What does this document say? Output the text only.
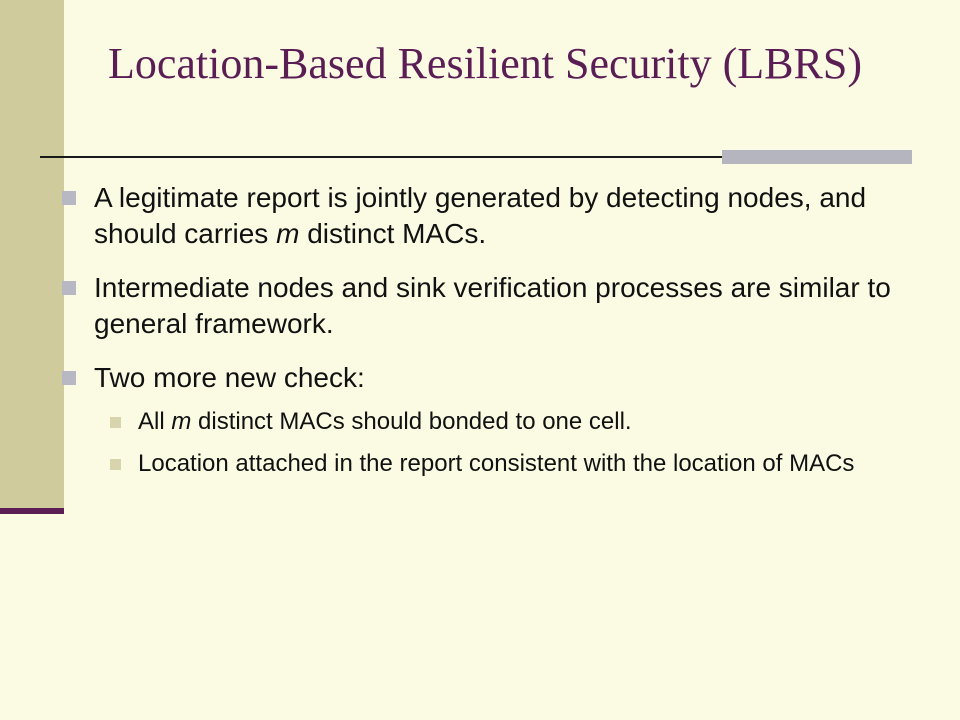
Location-Based Resilient Security (LBRS)
A legitimate report is jointly generated by detecting nodes, and should carries m distinct MACs.
Intermediate nodes and sink verification processes are similar to general framework.
Two more new check:
All m distinct MACs should bonded to one cell.
Location attached in the report consistent with the location of MACs
